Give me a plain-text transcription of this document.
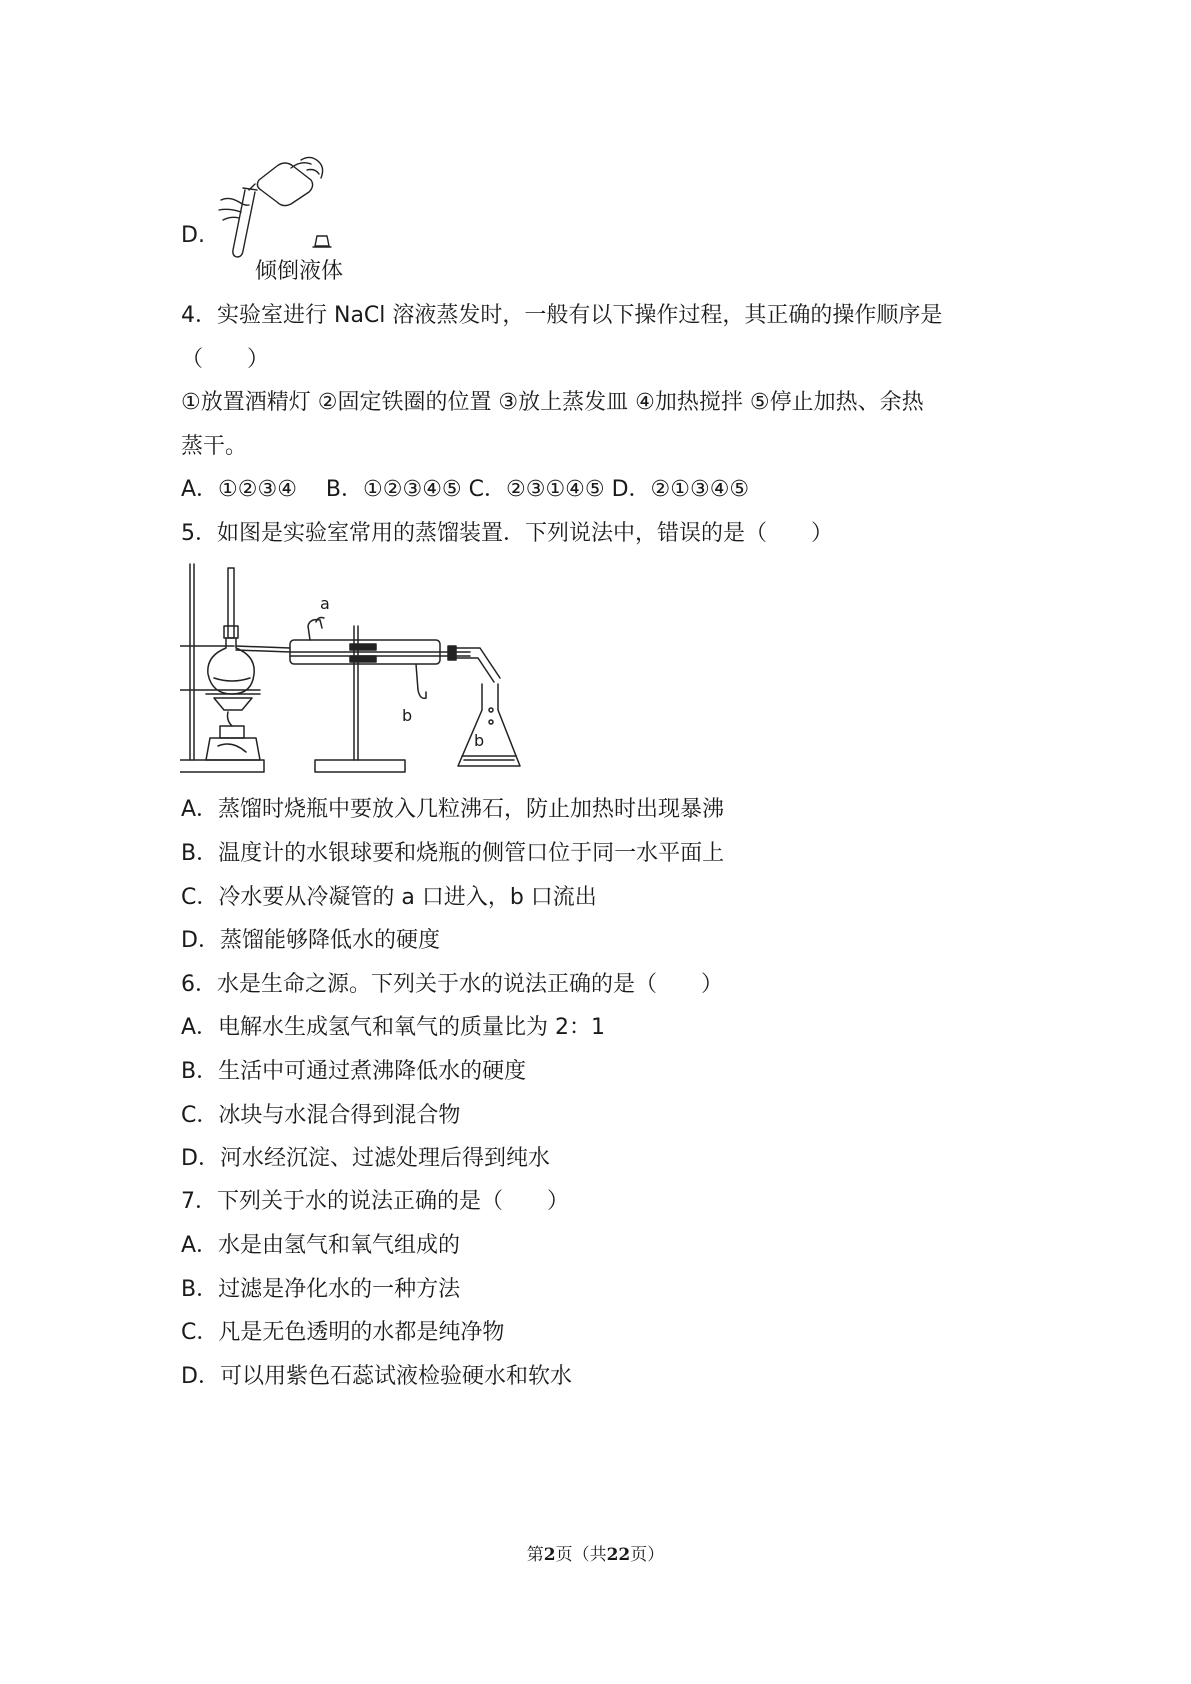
D.
倾倒液体
4．实验室进行 NaCl 溶液蒸发时，一般有以下操作过程，其正确的操作顺序是
（　　）
①放置酒精灯 ②固定铁圈的位置 ③放上蒸发皿 ④加热搅拌 ⑤停止加热、余热
蒸干。
A．①②③④　 B．①②③④⑤ C．②③①④⑤ D．②①③④⑤
5．如图是实验室常用的蒸馏装置．下列说法中，错误的是（　　）
a
b
b
A．蒸馏时烧瓶中要放入几粒沸石，防止加热时出现暴沸
B．温度计的水银球要和烧瓶的侧管口位于同一水平面上
C．冷水要从冷凝管的 a 口进入，b 口流出
D．蒸馏能够降低水的硬度
6．水是生命之源。下列关于水的说法正确的是（　　）
A．电解水生成氢气和氧气的质量比为 2：1
B．生活中可通过煮沸降低水的硬度
C．冰块与水混合得到混合物
D．河水经沉淀、过滤处理后得到纯水
7．下列关于水的说法正确的是（　　）
A．水是由氢气和氧气组成的
B．过滤是净化水的一种方法
C．凡是无色透明的水都是纯净物
D．可以用紫色石蕊试液检验硬水和软水
第2页（共22页）
